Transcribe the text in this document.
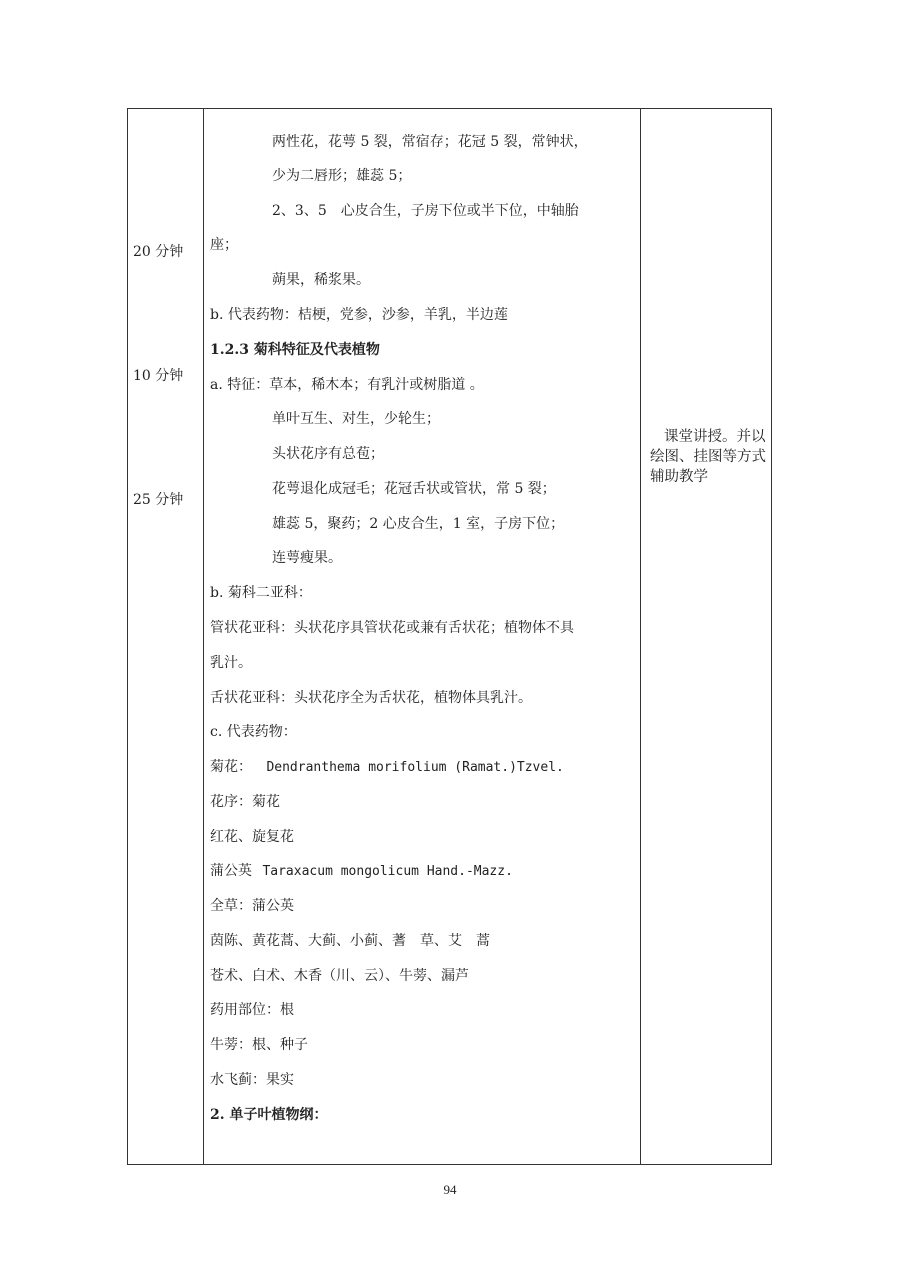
20 分钟
10 分钟
25 分钟
两性花，花萼 5 裂，常宿存；花冠 5 裂，常钟状，
少为二唇形；雄蕊 5；
2、3、5　心皮合生，子房下位或半下位，中轴胎
座；
蒴果，稀浆果。
b. 代表药物：桔梗，党参，沙参，羊乳，半边莲
1.2.3 菊科特征及代表植物
a. 特征：草本，稀木本；有乳汁或树脂道 。
单叶互生、对生，少轮生；
头状花序有总苞；
花萼退化成冠毛；花冠舌状或管状，常 5 裂；
雄蕊 5，聚药；2 心皮合生，1 室，子房下位；
连萼瘦果。
b. 菊科二亚科：
管状花亚科：头状花序具管状花或兼有舌状花；植物体不具
乳汁。
舌状花亚科：头状花序全为舌状花，植物体具乳汁。
c. 代表药物：
菊花： Dendranthema morifolium (Ramat.)Tzvel.
花序：菊花
红花、旋复花
蒲公英 Taraxacum mongolicum Hand.-Mazz.
全草：蒲公英
茵陈、黄花蒿、大蓟、小蓟、蓍　草、艾　蒿
苍术、白术、木香（川、云）、牛蒡、漏芦
药用部位：根
牛蒡：根、种子
水飞蓟：果实
2. 单子叶植物纲：
课堂讲授。并以绘图、挂图等方式辅助教学
94
